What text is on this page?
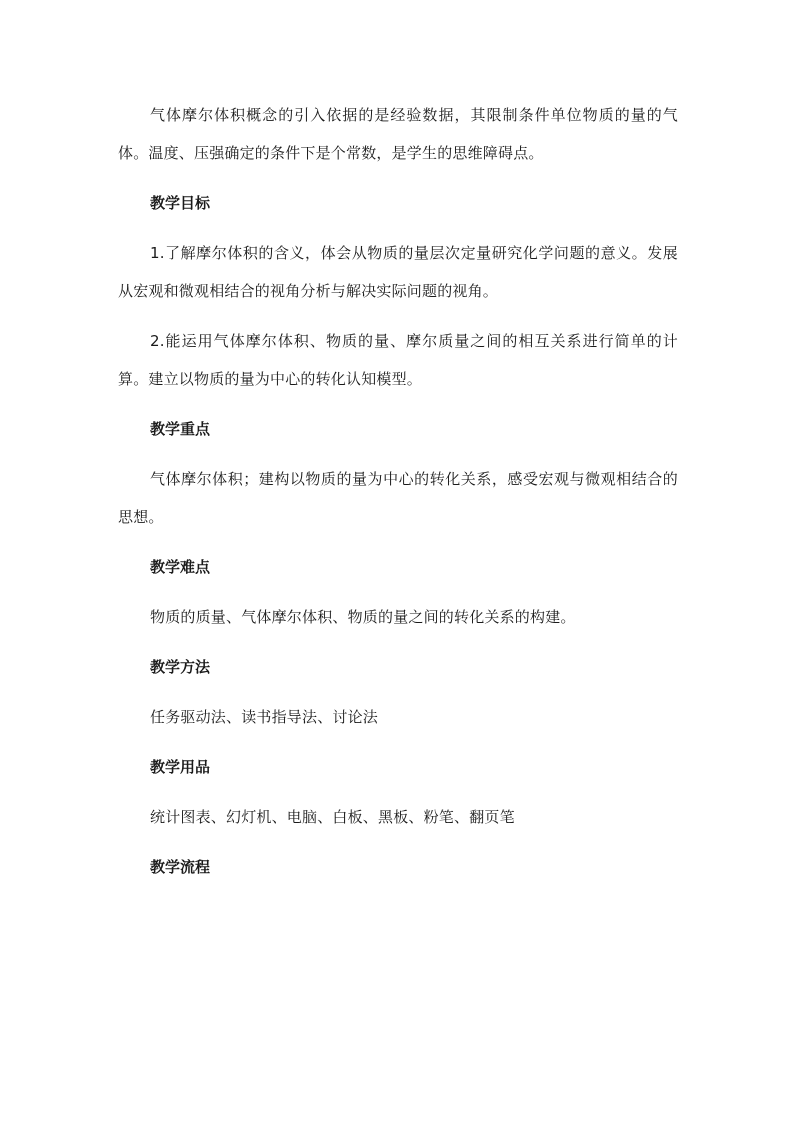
气体摩尔体积概念的引入依据的是经验数据，其限制条件单位物质的量的气体。温度、压强确定的条件下是个常数，是学生的思维障碍点。

教学目标

1.了解摩尔体积的含义，体会从物质的量层次定量研究化学问题的意义。发展从宏观和微观相结合的视角分析与解决实际问题的视角。

2.能运用气体摩尔体积、物质的量、摩尔质量之间的相互关系进行简单的计算。建立以物质的量为中心的转化认知模型。

教学重点

气体摩尔体积；建构以物质的量为中心的转化关系，感受宏观与微观相结合的思想。

教学难点

物质的质量、气体摩尔体积、物质的量之间的转化关系的构建。

教学方法

任务驱动法、读书指导法、讨论法

教学用品

统计图表、幻灯机、电脑、白板、黑板、粉笔、翻页笔

教学流程
